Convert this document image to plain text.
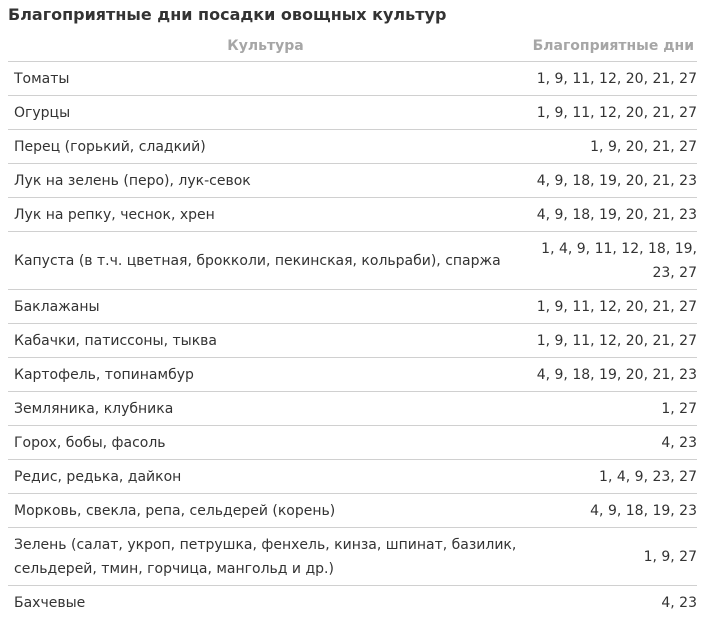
Благоприятные дни посадки овощных культур
Культура	Благоприятные дни
Томаты	1, 9, 11, 12, 20, 21, 27
Огурцы	1, 9, 11, 12, 20, 21, 27
Перец (горький, сладкий)	1, 9, 20, 21, 27
Лук на зелень (перо), лук-севок	4, 9, 18, 19, 20, 21, 23
Лук на репку, чеснок, хрен	4, 9, 18, 19, 20, 21, 23
Капуста (в т.ч. цветная, брокколи, пекинская, кольраби), спаржа	1, 4, 9, 11, 12, 18, 19, 23, 27
Баклажаны	1, 9, 11, 12, 20, 21, 27
Кабачки, патиссоны, тыква	1, 9, 11, 12, 20, 21, 27
Картофель, топинамбур	4, 9, 18, 19, 20, 21, 23
Земляника, клубника	1, 27
Горох, бобы, фасоль	4, 23
Редис, редька, дайкон	1, 4, 9, 23, 27
Морковь, свекла, репа, сельдерей (корень)	4, 9, 18, 19, 23
Зелень (салат, укроп, петрушка, фенхель, кинза, шпинат, базилик, сельдерей, тмин, горчица, мангольд и др.)	1, 9, 27
Бахчевые	4, 23
